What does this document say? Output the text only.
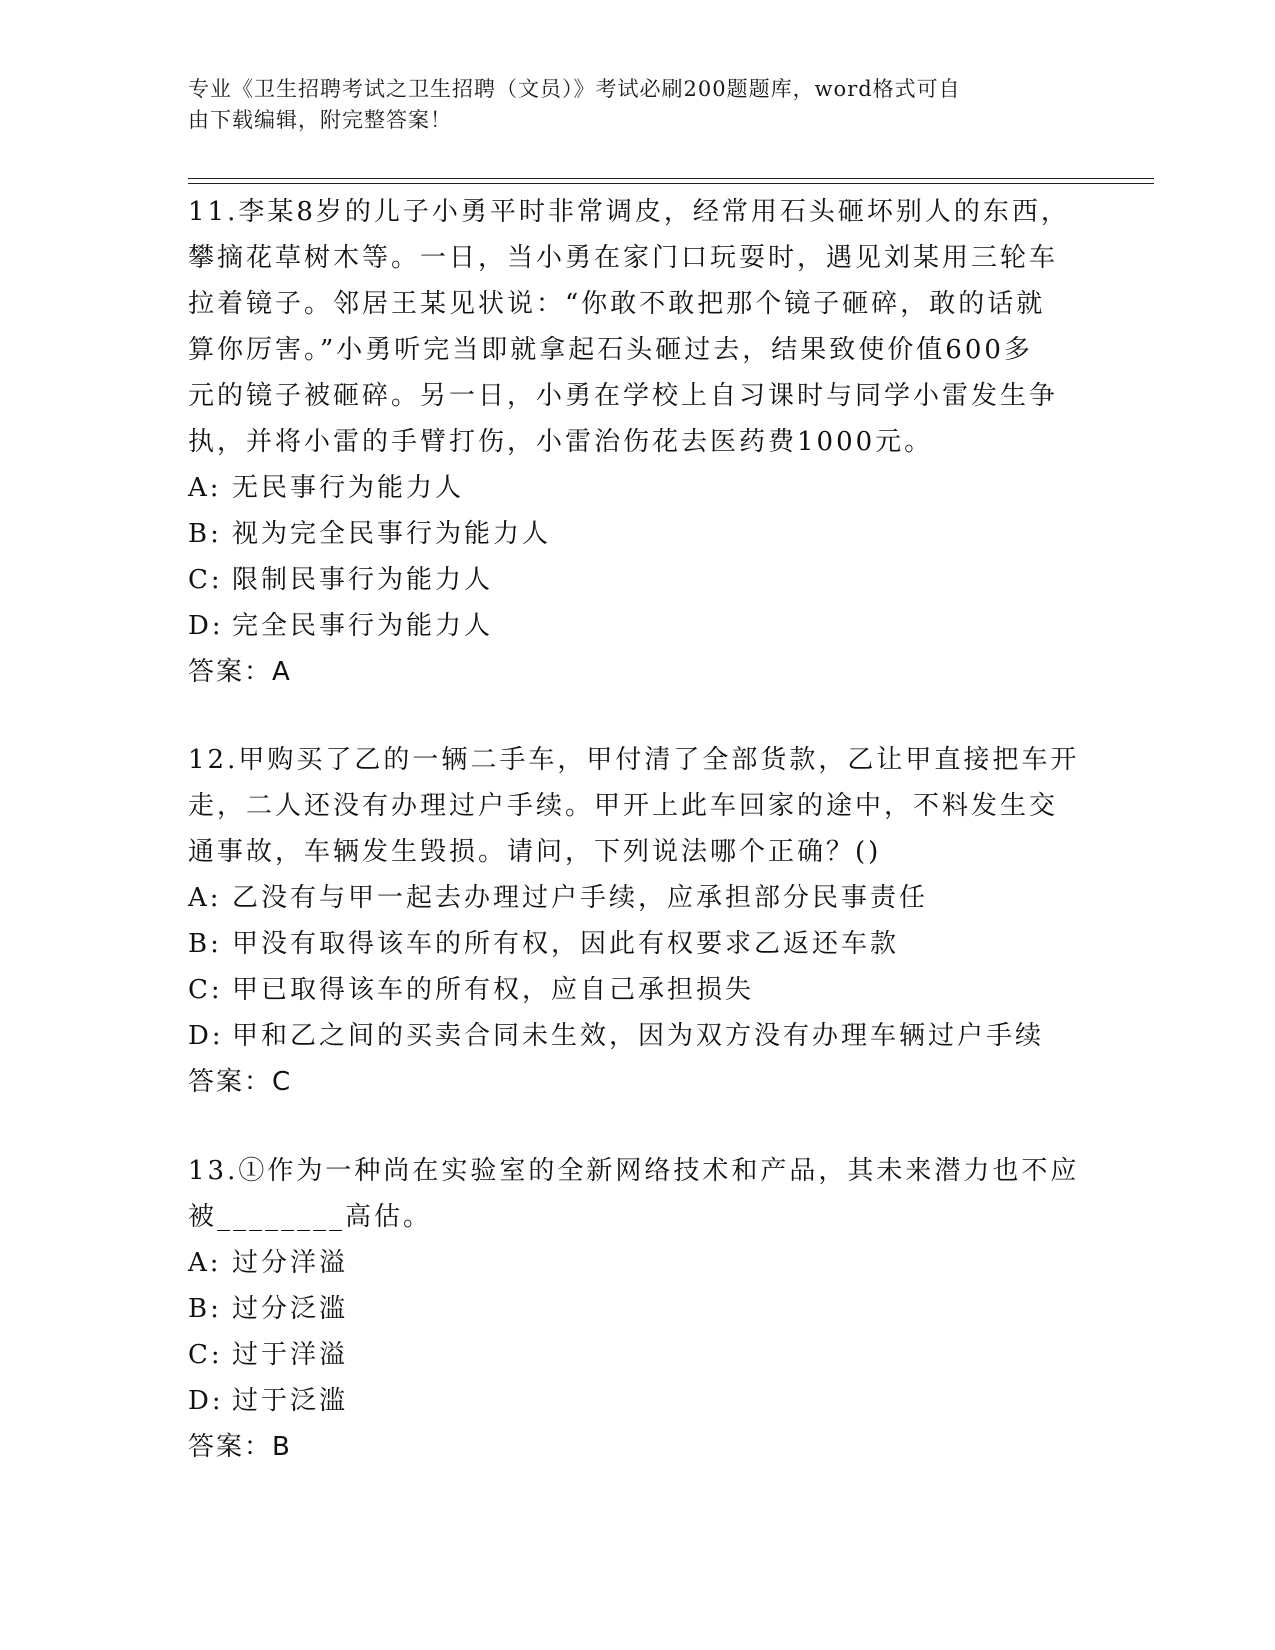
专业《卫生招聘考试之卫生招聘（文员）》考试必刷200题题库，word格式可自
由下载编辑，附完整答案！
11.李某8岁的儿子小勇平时非常调皮，经常用石头砸坏别人的东西，
攀摘花草树木等。一日，当小勇在家门口玩耍时，遇见刘某用三轮车
拉着镜子。邻居王某见状说：“你敢不敢把那个镜子砸碎，敢的话就
算你厉害。”小勇听完当即就拿起石头砸过去，结果致使价值600多
元的镜子被砸碎。另一日，小勇在学校上自习课时与同学小雷发生争
执，并将小雷的手臂打伤，小雷治伤花去医药费1000元。
A: 无民事行为能力人
B: 视为完全民事行为能力人
C: 限制民事行为能力人
D: 完全民事行为能力人
答案：A
12.甲购买了乙的一辆二手车，甲付清了全部货款，乙让甲直接把车开
走，二人还没有办理过户手续。甲开上此车回家的途中，不料发生交
通事故，车辆发生毁损。请问，下列说法哪个正确？()
A: 乙没有与甲一起去办理过户手续，应承担部分民事责任
B: 甲没有取得该车的所有权，因此有权要求乙返还车款
C: 甲已取得该车的所有权，应自己承担损失
D: 甲和乙之间的买卖合同未生效，因为双方没有办理车辆过户手续
答案：C
13.①作为一种尚在实验室的全新网络技术和产品，其未来潜力也不应
被________高估。
A: 过分洋溢
B: 过分泛滥
C: 过于洋溢
D: 过于泛滥
答案：B
